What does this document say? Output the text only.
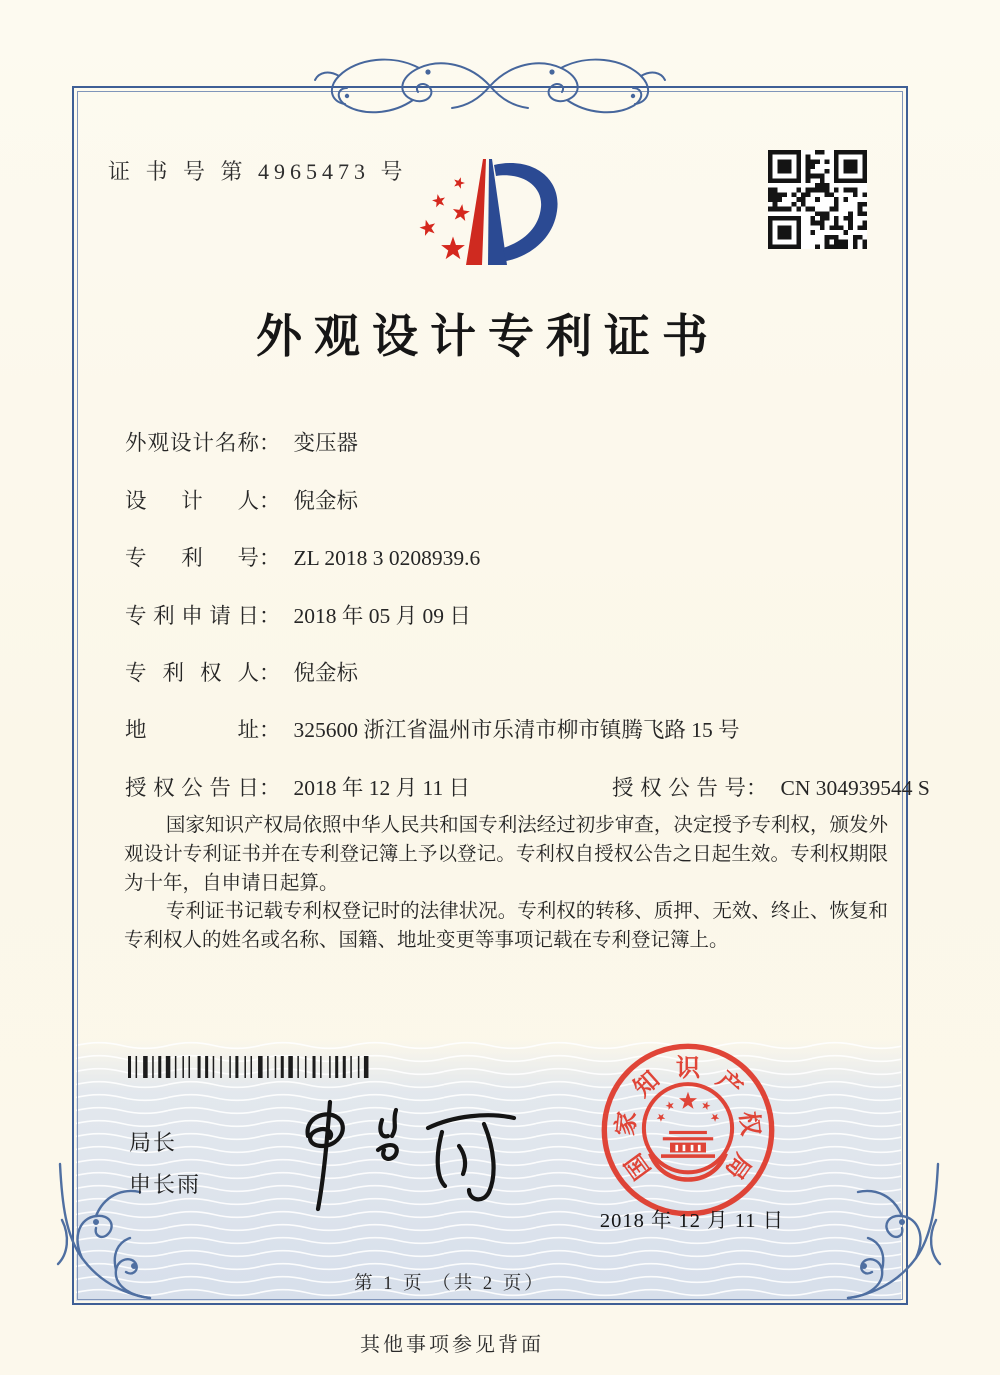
证 书 号 第 4965473 号
外观设计专利证书
外观设计名称： 变压器
设计人： 倪金标
专利号： ZL 2018 3 0208939.6
专利申请日： 2018 年 05 月 09 日
专利权人： 倪金标
地址： 325600 浙江省温州市乐清市柳市镇腾飞路 15 号
授权公告日： 2018 年 12 月 11 日	授权公告号： CN 304939544 S

国家知识产权局依照中华人民共和国专利法经过初步审查，决定授予专利权，颁发外观设计专利证书并在专利登记簿上予以登记。专利权自授权公告之日起生效。专利权期限为十年，自申请日起算。

专利证书记载专利权登记时的法律状况。专利权的转移、质押、无效、终止、恢复和专利权人的姓名或名称、国籍、地址变更等事项记载在专利登记簿上。

局长
申长雨
国
家
知 识 产
权
局
2018 年 12 月 11 日
第 1 页 （共 2 页）
其他事项参见背面
